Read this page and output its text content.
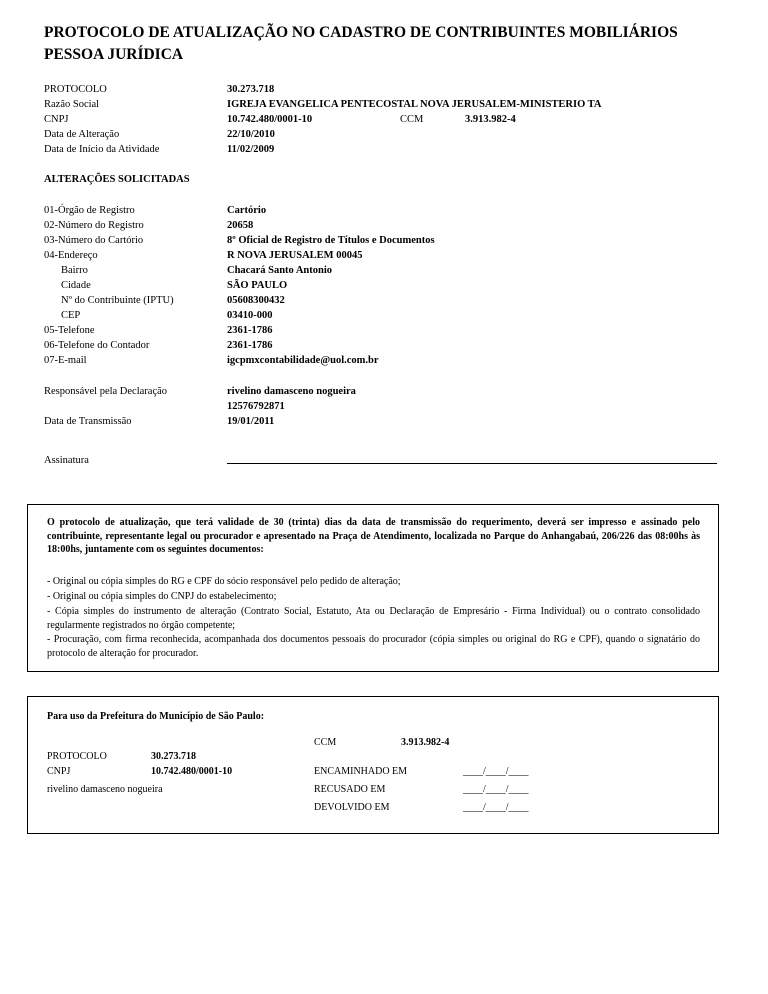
PROTOCOLO DE ATUALIZAÇÃO NO CADASTRO DE CONTRIBUINTES MOBILIÁRIOS
PESSOA JURÍDICA
PROTOCOLO	30.273.718
Razão Social	IGREJA EVANGELICA PENTECOSTAL NOVA JERUSALEM-MINISTERIO TA
CNPJ	10.742.480/0001-10	CCM	3.913.982-4
Data de Alteração	22/10/2010
Data de Início da Atividade	11/02/2009
ALTERAÇÕES SOLICITADAS
01-Órgão de Registro	Cartório
02-Número do Registro	20658
03-Número do Cartório	8º Oficial de Registro de Títulos e Documentos
04-Endereço	R NOVA JERUSALEM 00045
Bairro	Chacará Santo Antonio
Cidade	SÃO PAULO
Nº do Contribuinte (IPTU)	05608300432
CEP	03410-000
05-Telefone	2361-1786
06-Telefone do Contador	2361-1786
07-E-mail	igcpmxcontabilidade@uol.com.br
Responsável pela Declaração	rivelino damasceno nogueira
12576792871
Data de Transmissão	19/01/2011
Assinatura
O protocolo de atualização, que terá validade de 30 (trinta) dias da data de transmissão do requerimento, deverá ser impresso e assinado pelo contribuinte, representante legal ou procurador e apresentado na Praça de Atendimento, localizada no Parque do Anhangabaú, 206/226 das 08:00hs às 18:00hs, juntamente com os seguintes documentos:
- Original ou cópia simples do RG e CPF do sócio responsável pelo pedido de alteração;
- Original ou cópia simples do CNPJ do estabelecimento;
- Cópia simples do instrumento de alteração (Contrato Social, Estatuto, Ata ou Declaração de Empresário - Firma Individual) ou o contrato consolidado regularmente registrados no órgão competente;
- Procuração, com firma reconhecida, acompanhada dos documentos pessoais do procurador (cópia simples ou original do RG e CPF), quando o signatário do protocolo de alteração for procurador.
Para uso da Prefeitura do Município de São Paulo:
CCM	3.913.982-4
PROTOCOLO	30.273.718
CNPJ	10.742.480/0001-10	ENCAMINHADO EM	____/____/____
rivelino damasceno nogueira	RECUSADO EM	____/____/____
DEVOLVIDO EM	____/____/____
